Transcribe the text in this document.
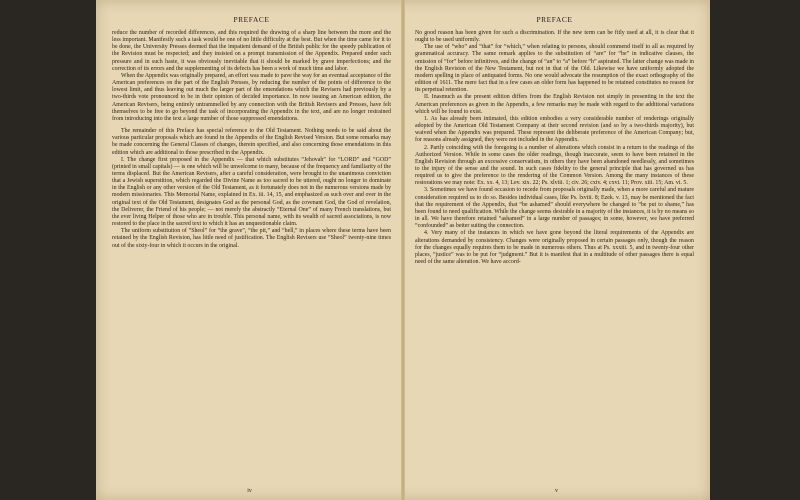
PREFACE

reduce the number of recorded differences, and this required the drawing of a sharp line between the more and the less important. Manifestly such a task would be one of no little difficulty at the best. But when the time came for it to be done, the University Presses deemed that the impatient demand of the British public for the speedy publication of the Revision must be respected; and they insisted on a prompt transmission of the Appendix. Prepared under such pressure and in such haste, it was obviously inevitable that it should be marked by grave imperfections; and the correction of its errors and the supplementing of its defects has been a work of much time and labor.

When the Appendix was originally prepared, an effort was made to pave the way for an eventual acceptance of the American preferences on the part of the English Presses, by reducing the number of the points of difference to the lowest limit, and thus leaving out much the larger part of the emendations which the Revisers had previously by a two-thirds vote pronounced to be in their opinion of decided importance. In now issuing an American edition, the American Revisers, being entirely untrammelled by any connection with the British Revisers and Presses, have felt themselves to be free to go beyond the task of incorporating the Appendix in the text, and are no longer restrained from introducing into the text a large number of those suppressed emendations.

The remainder of this Preface has special reference to the Old Testament. Nothing needs to be said about the various particular proposals which are found in the Appendix of the English Revised Version. But some remarks may be made concerning the General Classes of changes, therein specified, and also concerning those emendations in this edition which are additional to those prescribed in the Appendix.

I. The change first proposed in the Appendix — that which substitutes “Jehovah” for “LORD” and “GOD” (printed in small capitals) — is one which will be unwelcome to many, because of the frequency and familiarity of the terms displaced. But the American Revisers, after a careful consideration, were brought to the unanimous conviction that a Jewish superstition, which regarded the Divine Name as too sacred to be uttered, ought no longer to dominate in the English or any other version of the Old Testament, as it fortunately does not in the numerous versions made by modern missionaries. This Memorial Name, explained in Ex. iii. 14, 15, and emphasized as such over and over in the original text of the Old Testament, designates God as the personal God, as the covenant God, the God of revelation, the Deliverer, the Friend of his people; — not merely the abstractly “Eternal One” of many French translations, but the ever living Helper of those who are in trouble. This personal name, with its wealth of sacred associations, is now restored to the place in the sacred text to which it has an unquestionable claim.

The uniform substitution of “Sheol” for “the grave”, “the pit,” and “hell,” in places where these terms have been retained by the English Revision, has little need of justification. The English Revisers use “Sheol” twenty-nine times out of the sixty-four in which it occurs in the original.

iv
PREFACE

No good reason has been given for such a discrimination. If the new term can be fitly used at all, it is clear that it ought to be used uniformly.

The use of “who” and “that” for “which,” when relating to persons, should commend itself to all as required by grammatical accuracy. The same remark applies to the substitution of “are” for “be” in indicative clauses, the omission of “for” before infinitives, and the change of “an” to “a” before “h” aspirated. The latter change was made in the English Revision of the New Testament, but not in that of the Old. Likewise we have uniformly adopted the modern spelling in place of antiquated forms. No one would advocate the resumption of the exact orthography of the edition of 1611. The mere fact that in a few cases an older form has happened to be retained constitutes no reason for its perpetual retention.

II. Inasmuch as the present edition differs from the English Revision not simply in presenting in the text the American preferences as given in the Appendix, a few remarks may be made with regard to the additional variations which will be found to exist.

1. As has already been intimated, this edition embodies a very considerable number of renderings originally adopted by the American Old Testament Company at their second revision (and so by a two-thirds majority), but waived when the Appendix was prepared. These represent the deliberate preference of the American Company; but, for reasons already assigned, they were not included in the Appendix.

2. Partly coinciding with the foregoing is a number of alterations which consist in a return to the readings of the Authorized Version. While in some cases the older readings, though inaccurate, seem to have been retained in the English Revision through an excessive conservatism, in others they have been abandoned needlessly, and sometimes to the injury of the sense and the sound. In such cases fidelity to the general principle that has governed us has required us to give the preference to the rendering of the Common Version. Among the many instances of these restorations we may note: Ex. xx. 4, 13; Lev. xix. 22; Ps. xlviii. 1; civ. 26; cxiv. 4; cxvi. 11; Prov. xiii. 15; Am. vi. 5.

3. Sometimes we have found occasion to recede from proposals originally made, when a more careful and mature consideration required us to do so. Besides individual cases, like Ps. lxviii. 8; Ezek. v. 13, may be mentioned the fact that the requirement of the Appendix, that “be ashamed” should everywhere be changed to “be put to shame,” has been found to need qualification. While the change seems desirable in a majority of the instances, it is by no means so in all. We have therefore retained “ashamed” in a large number of passages; in some, however, we have preferred “confounded” as better suiting the connection.

4. Very many of the instances in which we have gone beyond the literal requirements of the Appendix are alterations demanded by consistency. Changes were originally proposed in certain passages only, though the reason for the changes equally requires them to be made in numerous others. Thus at Ps. xxxiii. 5, and in twenty-four other places, “justice” was to be put for “judgment.” But it is manifest that in a multitude of other passages there is equal need of the same alteration. We have accord-

v
